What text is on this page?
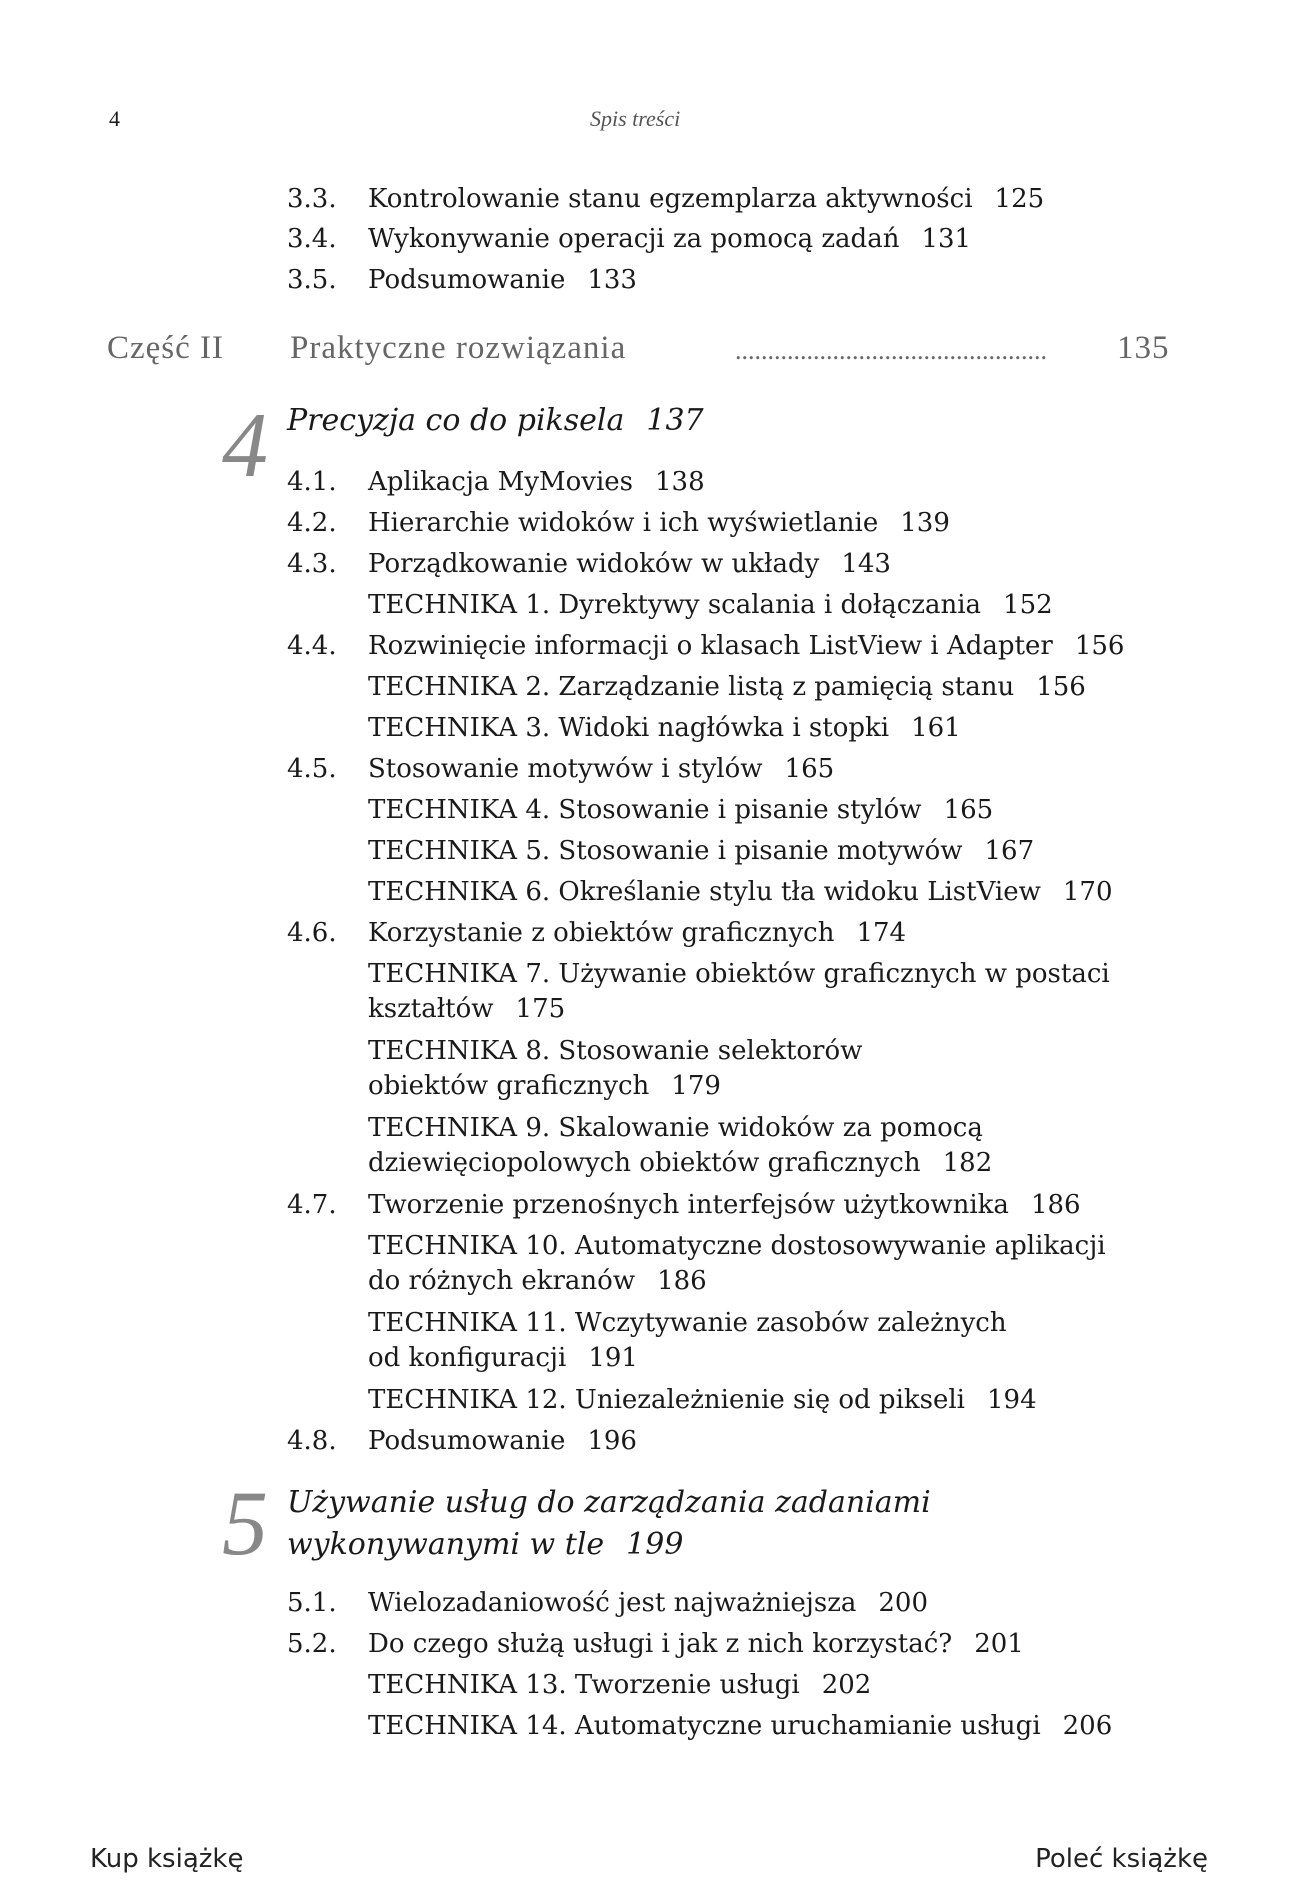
4	Spis treści
3.3. Kontrolowanie stanu egzemplarza aktywności 125
3.4. Wykonywanie operacji za pomocą zadań 131
3.5. Podsumowanie 133
Część II Praktyczne rozwiązania	................................................ 135
4 Precyzja co do piksela 137
4.1. Aplikacja MyMovies 138
4.2. Hierarchie widoków i ich wyświetlanie 139
4.3. Porządkowanie widoków w układy 143
TECHNIKA 1. Dyrektywy scalania i dołączania 152
4.4. Rozwinięcie informacji o klasach ListView i Adapter 156
TECHNIKA 2. Zarządzanie listą z pamięcią stanu 156
TECHNIKA 3. Widoki nagłówka i stopki 161
4.5. Stosowanie motywów i stylów 165
TECHNIKA 4. Stosowanie i pisanie stylów 165
TECHNIKA 5. Stosowanie i pisanie motywów 167
TECHNIKA 6. Określanie stylu tła widoku ListView 170
4.6. Korzystanie z obiektów graficznych 174
TECHNIKA 7. Używanie obiektów graficznych w postaci
kształtów 175
TECHNIKA 8. Stosowanie selektorów
obiektów graficznych 179
TECHNIKA 9. Skalowanie widoków za pomocą
dziewięciopolowych obiektów graficznych 182
4.7. Tworzenie przenośnych interfejsów użytkownika 186
TECHNIKA 10. Automatyczne dostosowywanie aplikacji
do różnych ekranów 186
TECHNIKA 11. Wczytywanie zasobów zależnych
od konfiguracji 191
TECHNIKA 12. Uniezależnienie się od pikseli 194
4.8. Podsumowanie 196
5 Używanie usług do zarządzania zadaniami
wykonywanymi w tle 199
5.1. Wielozadaniowość jest najważniejsza 200
5.2. Do czego służą usługi i jak z nich korzystać? 201
TECHNIKA 13. Tworzenie usługi 202
TECHNIKA 14. Automatyczne uruchamianie usługi 206
Kup książkę	Poleć książkę
